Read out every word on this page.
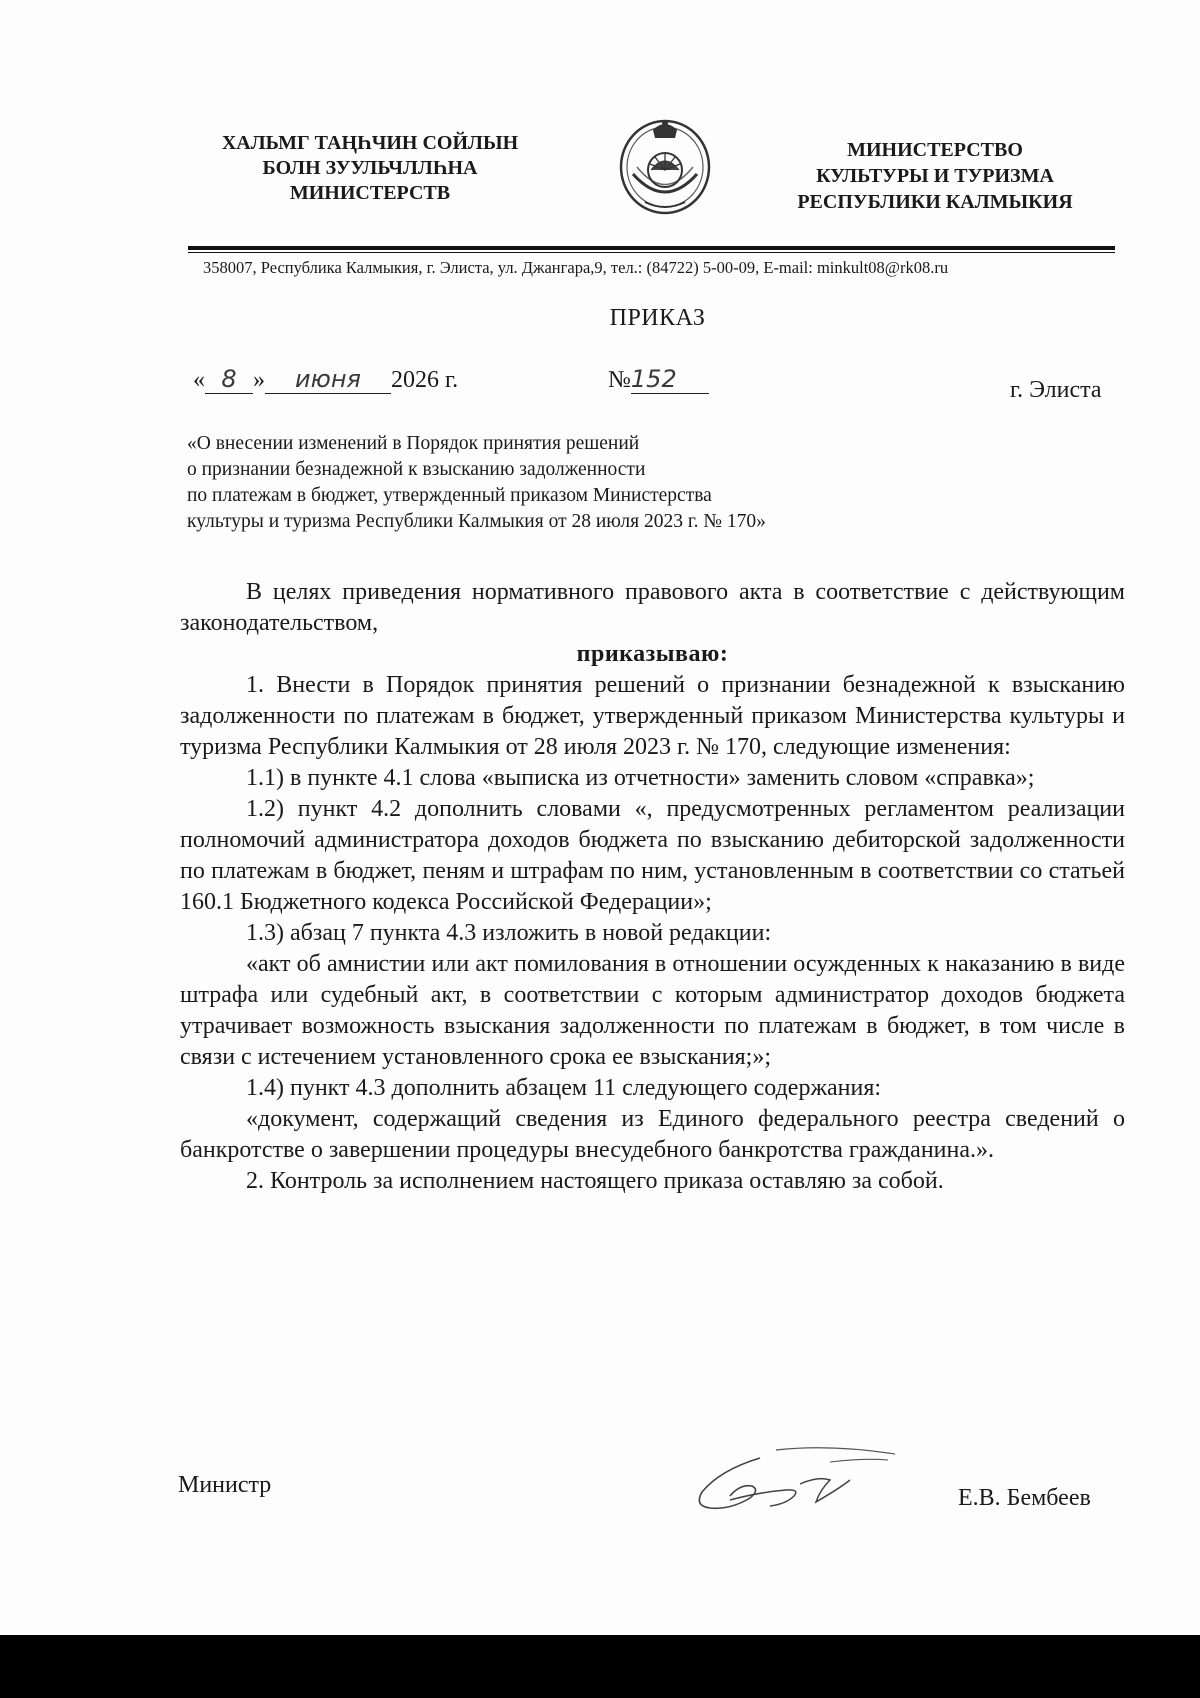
ХАЛЬМГ ТАҢҺЧИН СОЙЛЫН
БОЛН ЗУУЛЬЧЛЛҺНА
МИНИСТЕРСТВ
МИНИСТЕРСТВО
КУЛЬТУРЫ И ТУРИЗМА
РЕСПУБЛИКИ КАЛМЫКИЯ
358007, Республика Калмыкия, г. Элиста, ул. Джангара,9, тел.: (84722) 5-00-09, E-mail: minkult08@rk08.ru
ПРИКАЗ
« 8 » июня 2026 г.	№152	г. Элиста
«О внесении изменений в Порядок принятия решений
о признании безнадежной к взысканию задолженности
по платежам в бюджет, утвержденный приказом Министерства
культуры и туризма Республики Калмыкия от 28 июля 2023 г. № 170»

В целях приведения нормативного правового акта в соответствие с действующим законодательством,

приказываю:

1. Внести в Порядок принятия решений о признании безнадежной к взысканию задолженности по платежам в бюджет, утвержденный приказом Министерства культуры и туризма Республики Калмыкия от 28 июля 2023 г. № 170, следующие изменения:

1.1) в пункте 4.1 слова «выписка из отчетности» заменить словом «справка»;

1.2) пункт 4.2 дополнить словами «, предусмотренных регламентом реализации полномочий администратора доходов бюджета по взысканию дебиторской задолженности по платежам в бюджет, пеням и штрафам по ним, установленным в соответствии со статьей 160.1 Бюджетного кодекса Российской Федерации»;

1.3) абзац 7 пункта 4.3 изложить в новой редакции:

«акт об амнистии или акт помилования в отношении осужденных к наказанию в виде штрафа или судебный акт, в соответствии с которым администратор доходов бюджета утрачивает возможность взыскания задолженности по платежам в бюджет, в том числе в связи с истечением установленного срока ее взыскания;»;

1.4) пункт 4.3 дополнить абзацем 11 следующего содержания:

«документ, содержащий сведения из Единого федерального реестра сведений о банкротстве о завершении процедуры внесудебного банкротства гражданина.».

2. Контроль за исполнением настоящего приказа оставляю за собой.

Министр	Е.В. Бембеев
